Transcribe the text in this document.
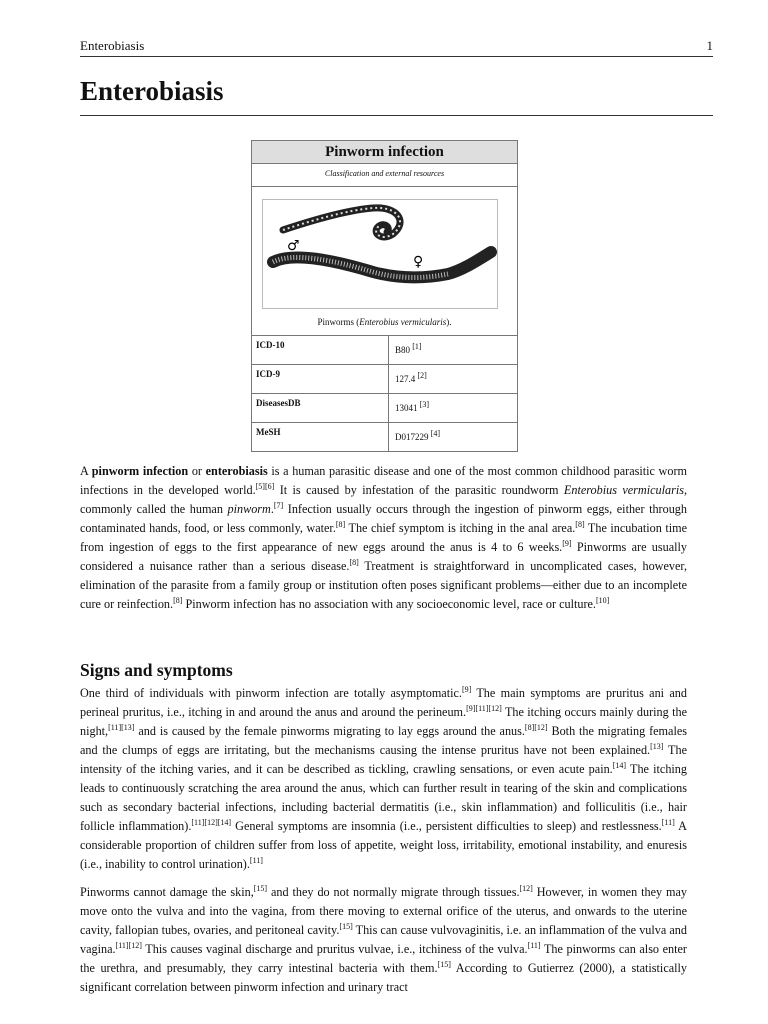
Enterobiasis	1
Enterobiasis
Pinworm infection
Classification and external resources
♂
♀
Pinworms (Enterobius vermicularis).
ICD-10	B80 [1]
ICD-9	127.4 [2]
DiseasesDB	13041 [3]
MeSH	D017229 [4]

A pinworm infection or enterobiasis is a human parasitic disease and one of the most common childhood parasitic worm infections in the developed world.[5][6] It is caused by infestation of the parasitic roundworm Enterobius vermicularis, commonly called the human pinworm.[7] Infection usually occurs through the ingestion of pinworm eggs, either through contaminated hands, food, or less commonly, water.[8] The chief symptom is itching in the anal area.[8] The incubation time from ingestion of eggs to the first appearance of new eggs around the anus is 4 to 6 weeks.[9] Pinworms are usually considered a nuisance rather than a serious disease.[8] Treatment is straightforward in uncomplicated cases, however, elimination of the parasite from a family group or institution often poses significant problems—either due to an incomplete cure or reinfection.[8] Pinworm infection has no association with any socioeconomic level, race or culture.[10]

Signs and symptoms

One third of individuals with pinworm infection are totally asymptomatic.[9] The main symptoms are pruritus ani and perineal pruritus, i.e., itching in and around the anus and around the perineum.[9][11][12] The itching occurs mainly during the night,[11][13] and is caused by the female pinworms migrating to lay eggs around the anus.[8][12] Both the migrating females and the clumps of eggs are irritating, but the mechanisms causing the intense pruritus have not been explained.[13] The intensity of the itching varies, and it can be described as tickling, crawling sensations, or even acute pain.[14] The itching leads to continuously scratching the area around the anus, which can further result in tearing of the skin and complications such as secondary bacterial infections, including bacterial dermatitis (i.e., skin inflammation) and folliculitis (i.e., hair follicle inflammation).[11][12][14] General symptoms are insomnia (i.e., persistent difficulties to sleep) and restlessness.[11] A considerable proportion of children suffer from loss of appetite, weight loss, irritability, emotional instability, and enuresis (i.e., inability to control urination).[11]

Pinworms cannot damage the skin,[15] and they do not normally migrate through tissues.[12] However, in women they may move onto the vulva and into the vagina, from there moving to external orifice of the uterus, and onwards to the uterine cavity, fallopian tubes, ovaries, and peritoneal cavity.[15] This can cause vulvovaginitis, i.e. an inflammation of the vulva and vagina.[11][12] This causes vaginal discharge and pruritus vulvae, i.e., itchiness of the vulva.[11] The pinworms can also enter the urethra, and presumably, they carry intestinal bacteria with them.[15] According to Gutierrez (2000), a statistically significant correlation between pinworm infection and urinary tract
